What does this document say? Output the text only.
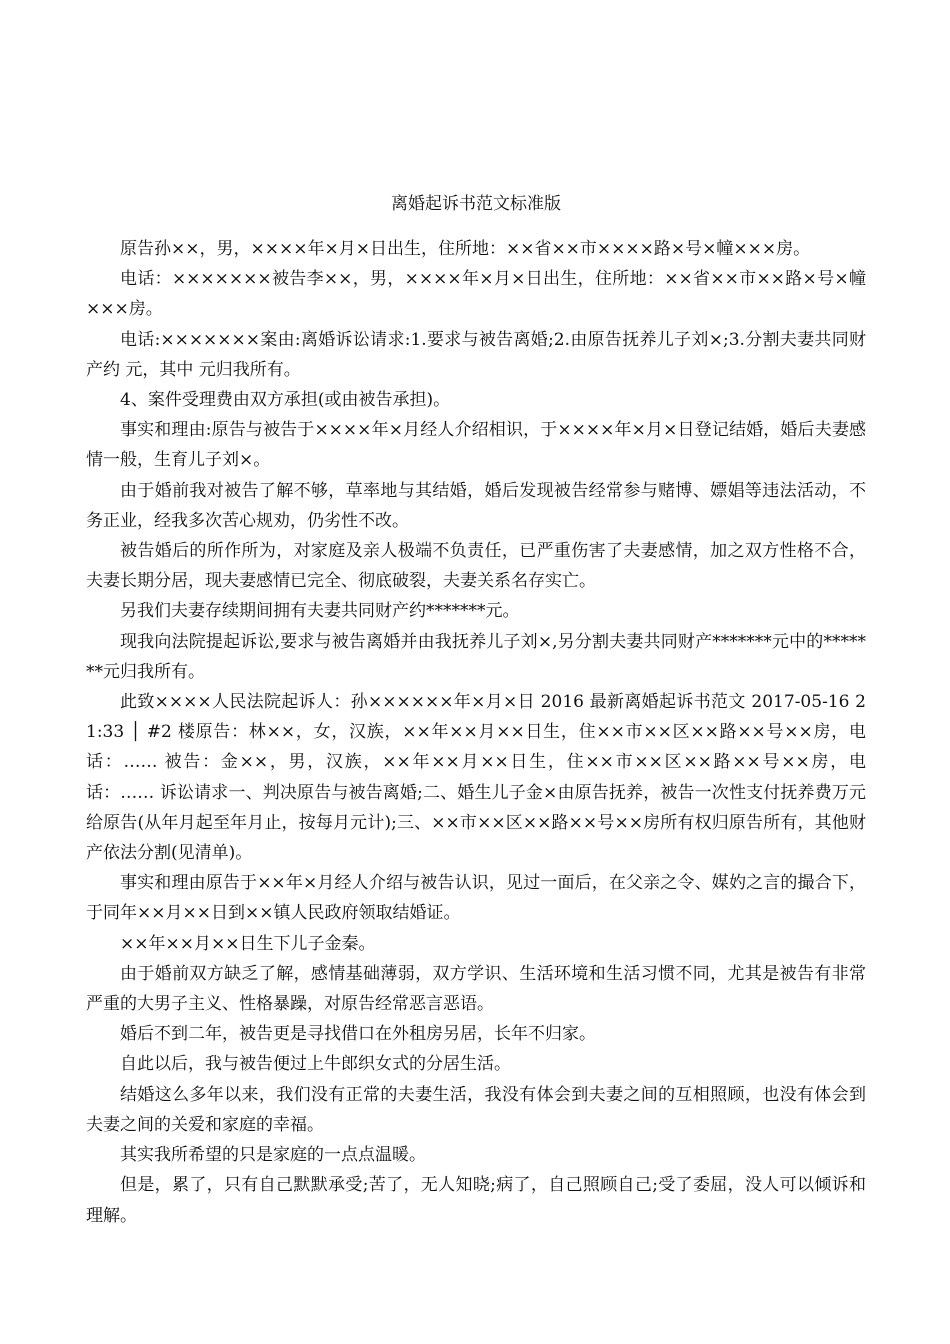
离婚起诉书范文标准版

原告孙××，男，××××年×月×日出生，住所地：××省××市××××路×号×幢×××房。

电话：×××××××被告李××，男，××××年×月×日出生，住所地：××省××市××路×号×幢×××房。

电话:×××××××案由:离婚诉讼请求:1.要求与被告离婚;2.由原告抚养儿子刘×;3.分割夫妻共同财产约 元，其中 元归我所有。

4、案件受理费由双方承担(或由被告承担)。

事实和理由:原告与被告于××××年×月经人介绍相识，于××××年×月×日登记结婚，婚后夫妻感情一般，生育儿子刘×。

由于婚前我对被告了解不够，草率地与其结婚，婚后发现被告经常参与赌博、嫖娼等违法活动，不务正业，经我多次苦心规劝，仍劣性不改。

被告婚后的所作所为，对家庭及亲人极端不负责任，已严重伤害了夫妻感情，加之双方性格不合，夫妻长期分居，现夫妻感情已完全、彻底破裂，夫妻关系名存实亡。

另我们夫妻存续期间拥有夫妻共同财产约*******元。

现我向法院提起诉讼,要求与被告离婚并由我抚养儿子刘×,另分割夫妻共同财产*******元中的*******元归我所有。

此致××××人民法院起诉人：孙××××××年×月×日 2016 最新离婚起诉书范文 2017-05-16 21:33 │ #2 楼原告：林××，女，汉族，××年××月××日生，住××市××区××路××号××房，电话：…… 被告：金××，男，汉族，××年××月××日生，住××市××区××路××号××房，电话：…… 诉讼请求一、判决原告与被告离婚;二、婚生儿子金×由原告抚养，被告一次性支付抚养费万元给原告(从年月起至年月止，按每月元计);三、××市××区××路××号××房所有权归原告所有，其他财产依法分割(见清单)。

事实和理由原告于××年×月经人介绍与被告认识，见过一面后，在父亲之令、媒妁之言的撮合下，于同年××月××日到××镇人民政府领取结婚证。

××年××月××日生下儿子金秦。

由于婚前双方缺乏了解，感情基础薄弱，双方学识、生活环境和生活习惯不同，尤其是被告有非常严重的大男子主义、性格暴躁，对原告经常恶言恶语。

婚后不到二年，被告更是寻找借口在外租房另居，长年不归家。

自此以后，我与被告便过上牛郎织女式的分居生活。

结婚这么多年以来，我们没有正常的夫妻生活，我没有体会到夫妻之间的互相照顾，也没有体会到夫妻之间的关爱和家庭的幸福。

其实我所希望的只是家庭的一点点温暖。

但是，累了，只有自己默默承受;苦了，无人知晓;病了，自己照顾自己;受了委屈，没人可以倾诉和理解。
